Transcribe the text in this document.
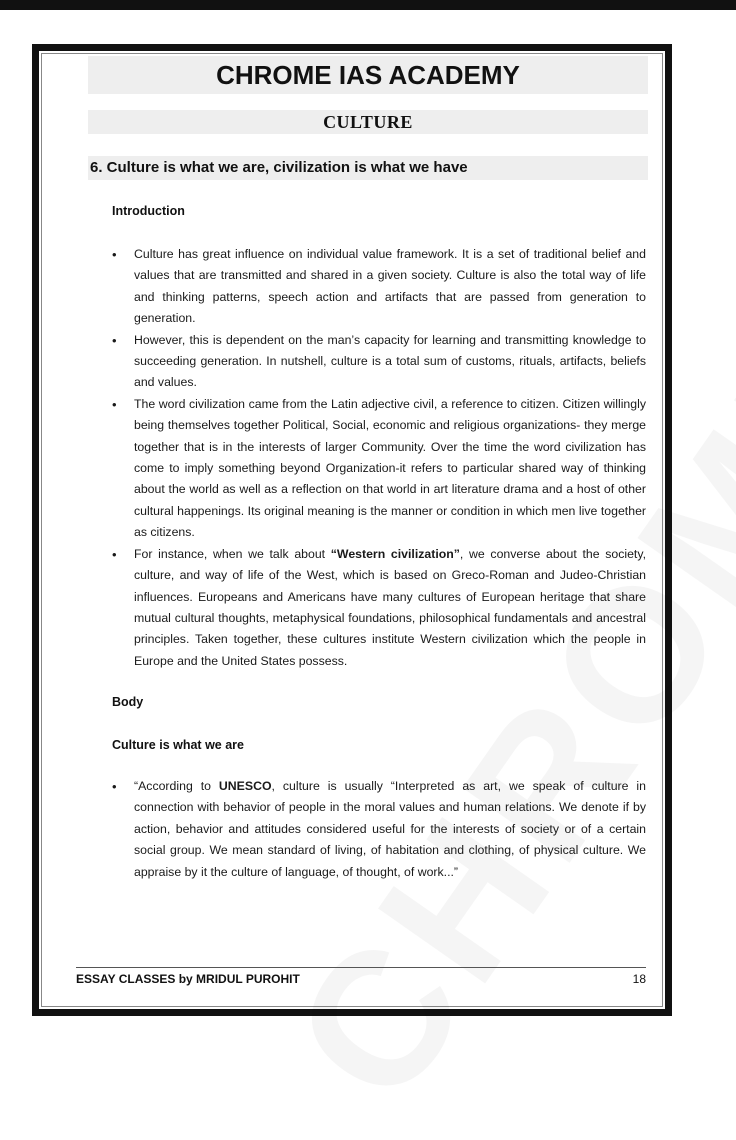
CHROME IAS ACADEMY
CULTURE
6. Culture is what we are, civilization is what we have
Introduction
• Culture has great influence on individual value framework. It is a set of traditional belief and values that are transmitted and shared in a given society. Culture is also the total way of life and thinking patterns, speech action and artifacts that are passed from generation to generation.
• However, this is dependent on the man’s capacity for learning and transmitting knowledge to succeeding generation. In nutshell, culture is a total sum of customs, rituals, artifacts, beliefs and values.
• The word civilization came from the Latin adjective civil, a reference to citizen. Citizen willingly being themselves together Political, Social, economic and religious organizations- they merge together that is in the interests of larger Community. Over the time the word civilization has come to imply something beyond Organization-it refers to particular shared way of thinking about the world as well as a reflection on that world in art literature drama and a host of other cultural happenings. Its original meaning is the manner or condition in which men live together as citizens.
• For instance, when we talk about “Western civilization”, we converse about the society, culture, and way of life of the West, which is based on Greco-Roman and Judeo-Christian influences. Europeans and Americans have many cultures of European heritage that share mutual cultural thoughts, metaphysical foundations, philosophical fundamentals and ancestral principles. Taken together, these cultures institute Western civilization which the people in Europe and the United States possess.
Body
Culture is what we are
• “According to UNESCO, culture is usually “Interpreted as art, we speak of culture in connection with behavior of people in the moral values and human relations. We denote if by action, behavior and attitudes considered useful for the interests of society or of a certain social group. We mean standard of living, of habitation and clothing, of physical culture. We appraise by it the culture of language, of thought, of work...”
ESSAY CLASSES by MRIDUL PUROHIT	18
